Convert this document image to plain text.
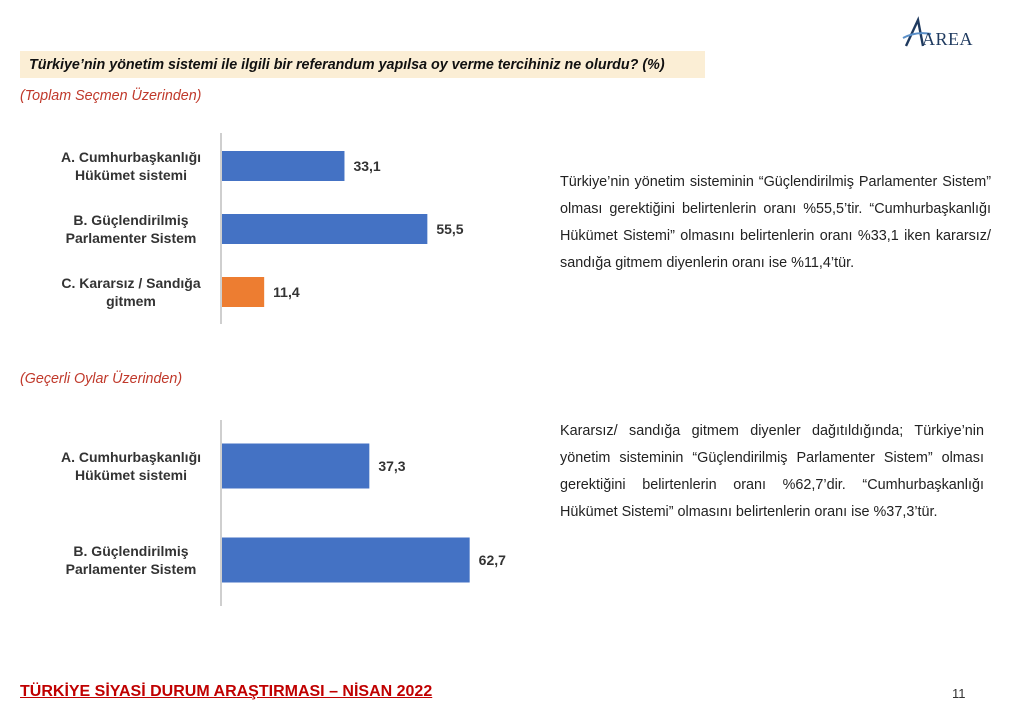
AREA
Türkiye’nin yönetim sistemi ile ilgili bir referandum yapılsa oy verme tercihiniz ne olurdu? (%)
(Toplam Seçmen Üzerinden)
(Geçerli Oylar Üzerinden)
33,1
55,5
11,4
37,3
62,7
A. Cumhurbaşkanlığı
Hükümet sistemi
B. Güçlendirilmiş
Parlamenter Sistem
C. Kararsız / Sandığa
gitmem
A. Cumhurbaşkanlığı
Hükümet sistemi
B. Güçlendirilmiş
Parlamenter Sistem
Türkiye’nin yönetim sisteminin “Güçlendirilmiş Parlamenter Sistem” olması gerektiğini belirtenlerin oranı %55,5’tir. “Cumhurbaşkanlığı Hükümet Sistemi” olmasını belirtenlerin oranı %33,1 iken kararsız/ sandığa gitmem diyenlerin oranı ise %11,4’tür.
Kararsız/ sandığa gitmem diyenler dağıtıldığında; Türkiye’nin yönetim sisteminin “Güçlendirilmiş Parlamenter Sistem” olması gerektiğini belirtenlerin oranı %62,7’dir. “Cumhurbaşkanlığı Hükümet Sistemi” olmasını belirtenlerin oranı ise %37,3’tür.
TÜRKİYE SİYASİ DURUM ARAŞTIRMASI – NİSAN 2022	11
